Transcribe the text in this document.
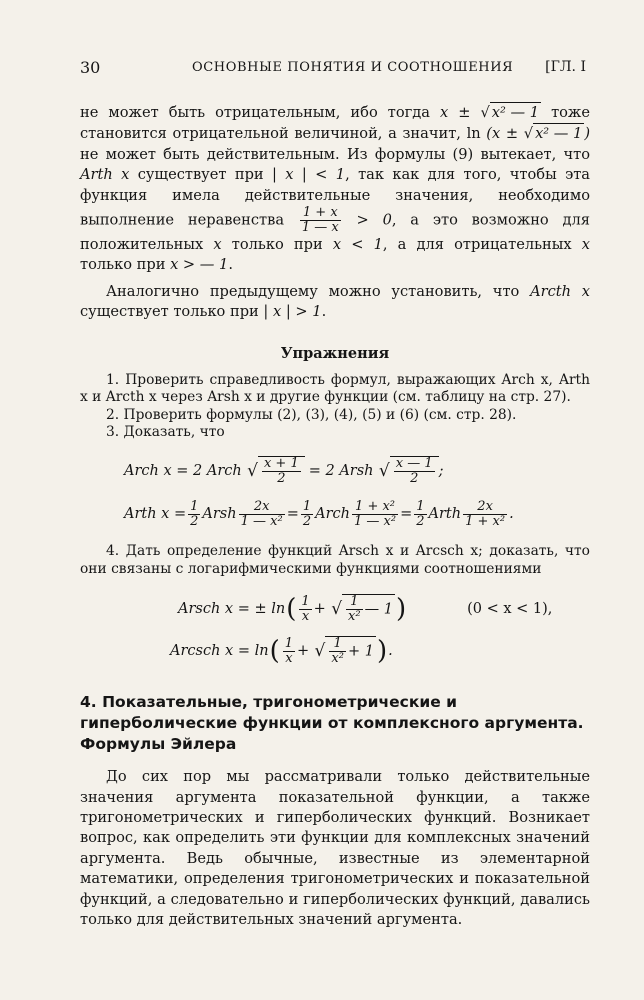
30	ОСНОВНЫЕ ПОНЯТИЯ И СООТНОШЕНИЯ [ГЛ. I

не может быть отрицательным, ибо тогда x ± √ x² — 1 тоже становится отрицательной величиной, а значит, ln (x ± √ x² — 1 ) не может быть действительным. Из формулы (9) вытекает, что Arth x существует при | x | < 1, так как для того, чтобы эта функция имела действительные значения, необходимо выполнение неравенства $\frac{1 + x}{1 — x} > 0$, а это возможно для положительных x только при x < 1, а для отрицательных x только при x > — 1.

Аналогично предыдущему можно установить, что Arcth x существует только при | x | > 1.

Упражнения

1. Проверить справедливость формул, выражающих Arch x, Arth x и Arcth x через Arsh x и другие функции (см. таблицу на стр. 27).

2. Проверить формулы (2), (3), (4), (5) и (6) (см. стр. 28).

3. Доказать, что

Arch x = 2 Arch √ $\frac{x + 1}{2} = 2$ Arsh √ $\frac{x — 1}{2}$ ;
Arth $x = \frac{1}{2}$ Arsh $\frac{2x}{\text{1 — x²}} = \frac{1}{2}$ Arch $\frac{\text{1 + x²}}{\text{1 — x²}} = \frac{1}{2}$ Arth $\frac{2x}{\text{1 + x²}}$ .

4. Дать определение функций Arsch x и Arcsch x; доказать, что они связаны с логарифмическими функциями соотношениями

Arsch x = ± ln ( $\frac{1}{x}$ + √ $\frac{1}{\text{x²}}$ — 1 )	(0 < x < 1),
Arcsch x = ln ( $\frac{1}{x}$ + √ $\frac{1}{\text{x²}} + 1$ ) .
4. Показательные, тригонометрические и гиперболические функции от комплексного аргумента. Формулы Эйлера

До сих пор мы рассматривали только действительные значения аргумента показательной функции, а также тригонометрических и гиперболических функций. Возникает вопрос, как определить эти функции для комплексных значений аргумента. Ведь обычные, известные из элементарной математики, определения тригонометрических и показательной функций, а следовательно и гиперболических функций, давались только для действительных значений аргумента.
